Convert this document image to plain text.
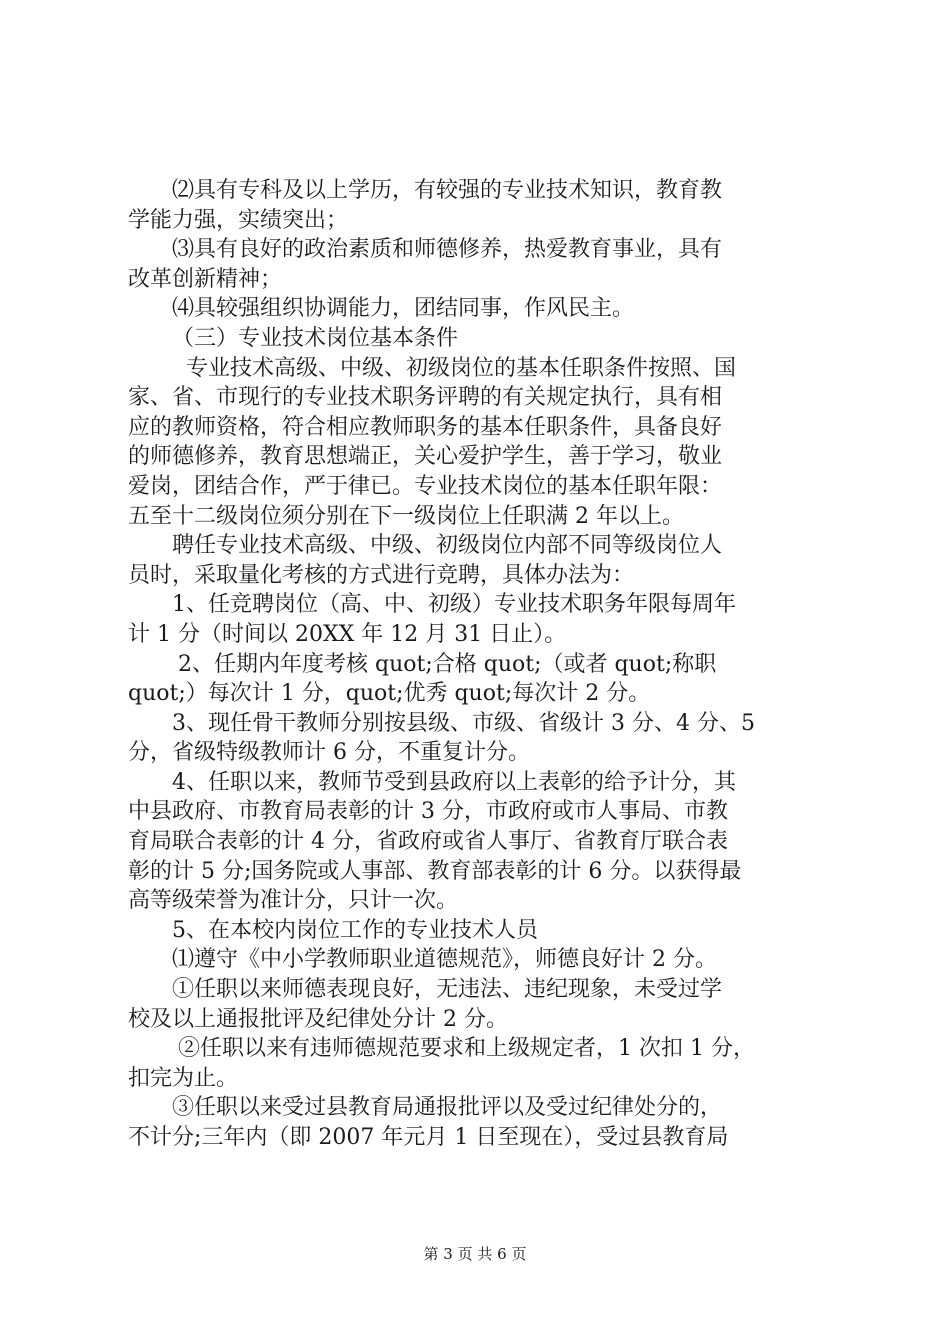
⑵具有专科及以上学历，有较强的专业技术知识，教育教
学能力强，实绩突出；
⑶具有良好的政治素质和师德修养，热爱教育事业，具有
改革创新精神；
⑷具较强组织协调能力，团结同事，作风民主。
（三）专业技术岗位基本条件
专业技术高级、中级、初级岗位的基本任职条件按照、国
家、省、市现行的专业技术职务评聘的有关规定执行，具有相
应的教师资格，符合相应教师职务的基本任职条件，具备良好
的师德修养，教育思想端正，关心爱护学生，善于学习，敬业
爱岗，团结合作，严于律已。专业技术岗位的基本任职年限：
五至十二级岗位须分别在下一级岗位上任职满 2 年以上。
聘任专业技术高级、中级、初级岗位内部不同等级岗位人
员时，采取量化考核的方式进行竞聘，具体办法为：
1、任竞聘岗位（高、中、初级）专业技术职务年限每周年
计 1 分（时间以 20XX 年 12 月 31 日止）。
2、任期内年度考核 quot;合格 quot;（或者 quot;称职
quot;）每次计 1 分，quot;优秀 quot;每次计 2 分。
3、现任骨干教师分别按县级、市级、省级计 3 分、4 分、5
分，省级特级教师计 6 分，不重复计分。
4、任职以来，教师节受到县政府以上表彰的给予计分，其
中县政府、市教育局表彰的计 3 分，市政府或市人事局、市教
育局联合表彰的计 4 分，省政府或省人事厅、省教育厅联合表
彰的计 5 分;国务院或人事部、教育部表彰的计 6 分。以获得最
高等级荣誉为准计分，只计一次。
5、在本校内岗位工作的专业技术人员
⑴遵守《中小学教师职业道德规范》，师德良好计 2 分。
①任职以来师德表现良好，无违法、违纪现象，未受过学
校及以上通报批评及纪律处分计 2 分。
②任职以来有违师德规范要求和上级规定者，1 次扣 1 分，
扣完为止。
③任职以来受过县教育局通报批评以及受过纪律处分的，
不计分;三年内（即 2007 年元月 1 日至现在），受过县教育局
第 3 页 共 6 页
